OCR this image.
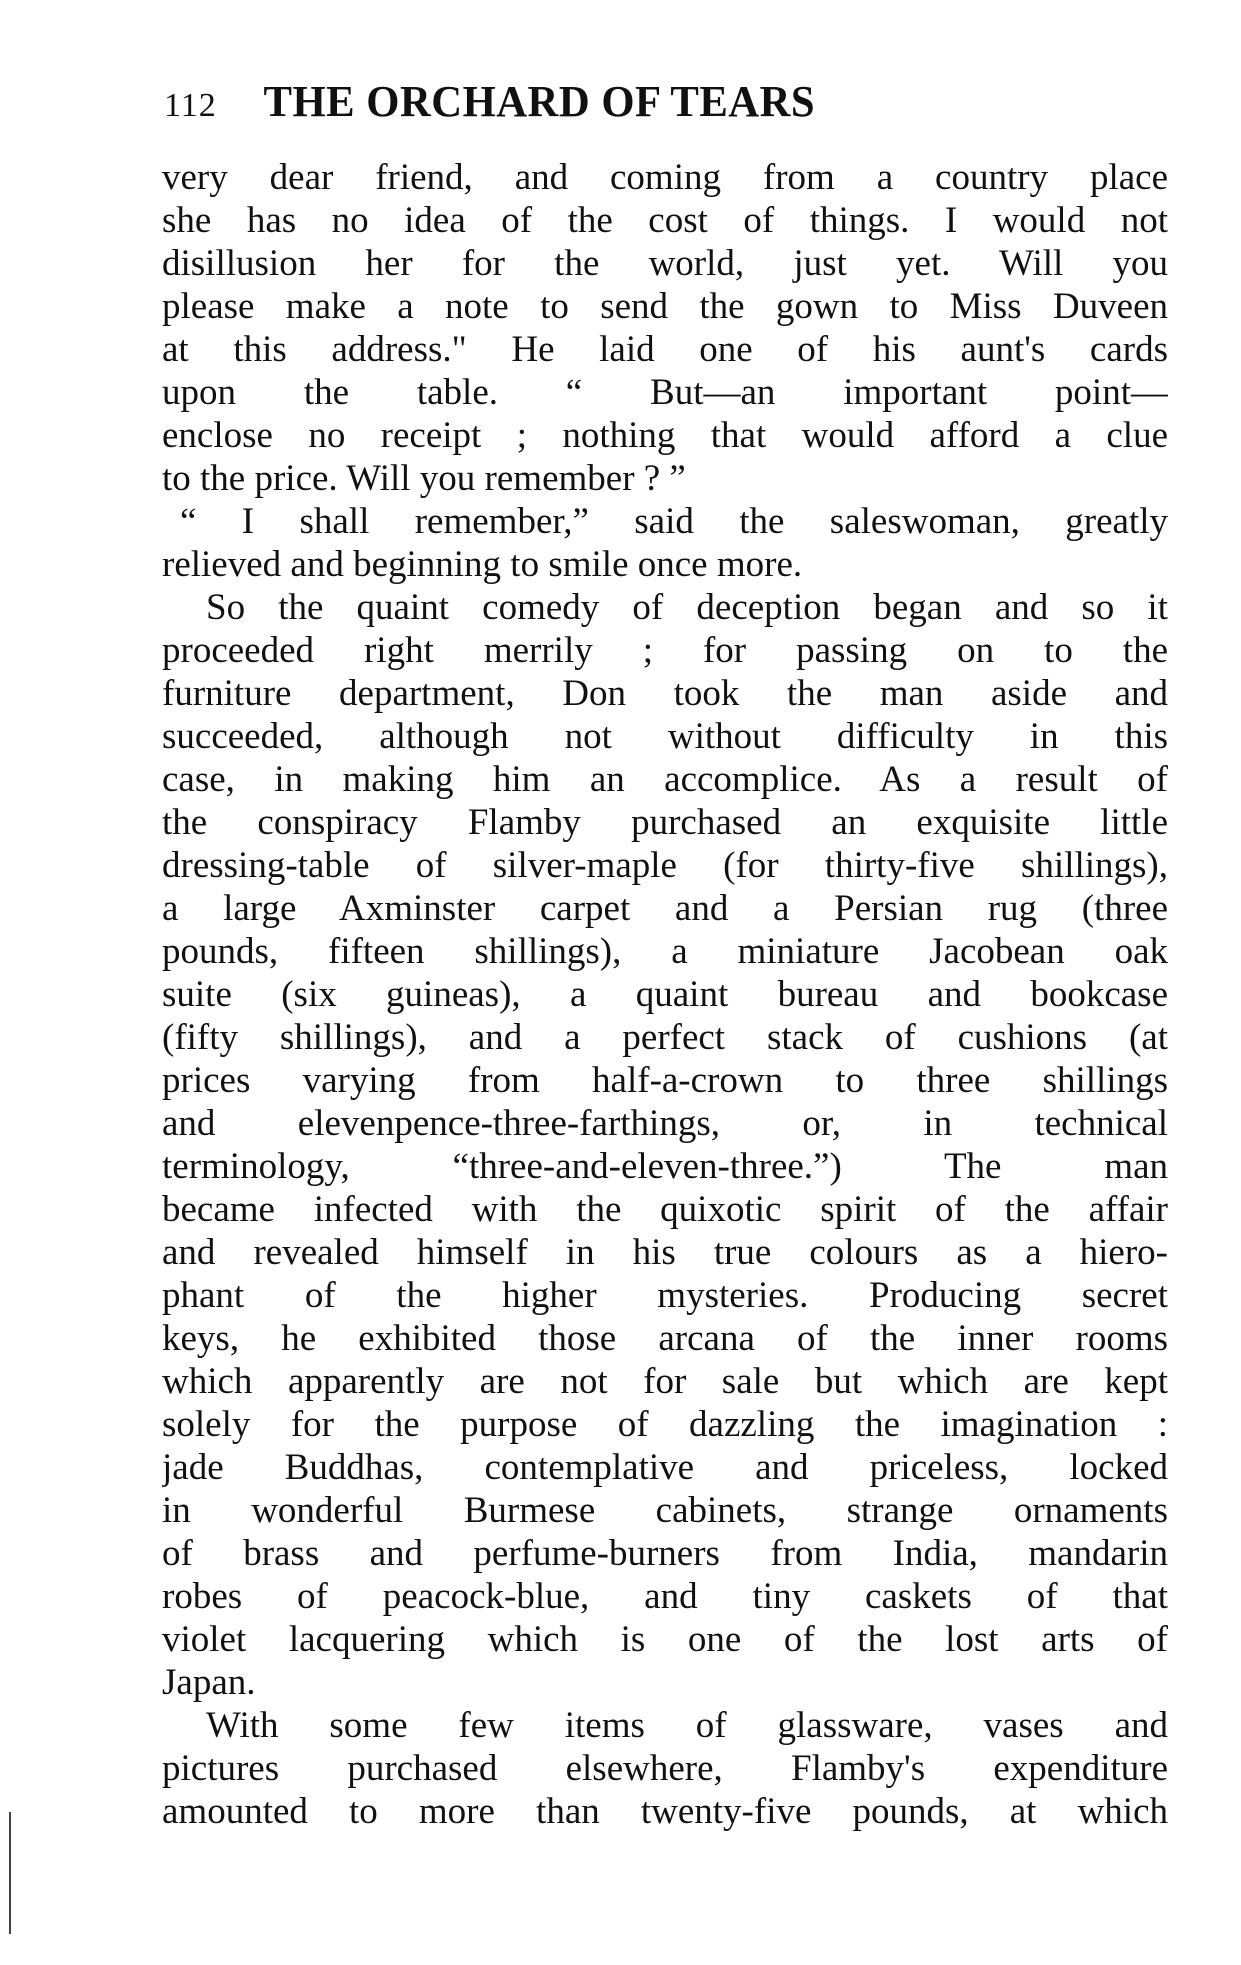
112 THE ORCHARD OF TEARS
very dear friend, and coming from a country place
she has no idea of the cost of things. I would not
disillusion her for the world, just yet. Will you
please make a note to send the gown to Miss Duveen
at this address." He laid one of his aunt's cards
upon the table. “ But—an important point—
enclose no receipt ; nothing that would afford a clue
to the price. Will you remember ? ”
“ I shall remember,” said the saleswoman, greatly
relieved and beginning to smile once more.
So the quaint comedy of deception began and so it
proceeded right merrily ; for passing on to the
furniture department, Don took the man aside and
succeeded, although not without difficulty in this
case, in making him an accomplice. As a result of
the conspiracy Flamby purchased an exquisite little
dressing-table of silver-maple (for thirty-five shillings),
a large Axminster carpet and a Persian rug (three
pounds, fifteen shillings), a miniature Jacobean oak
suite (six guineas), a quaint bureau and bookcase
(fifty shillings), and a perfect stack of cushions (at
prices varying from half-a-crown to three shillings
and elevenpence-three-farthings, or, in technical
terminology, “three-and-eleven-three.”) The man
became infected with the quixotic spirit of the affair
and revealed himself in his true colours as a hiero-
phant of the higher mysteries. Producing secret
keys, he exhibited those arcana of the inner rooms
which apparently are not for sale but which are kept
solely for the purpose of dazzling the imagination :
jade Buddhas, contemplative and priceless, locked
in wonderful Burmese cabinets, strange ornaments
of brass and perfume-burners from India, mandarin
robes of peacock-blue, and tiny caskets of that
violet lacquering which is one of the lost arts of
Japan.
With some few items of glassware, vases and
pictures purchased elsewhere, Flamby's expenditure
amounted to more than twenty-five pounds, at which
